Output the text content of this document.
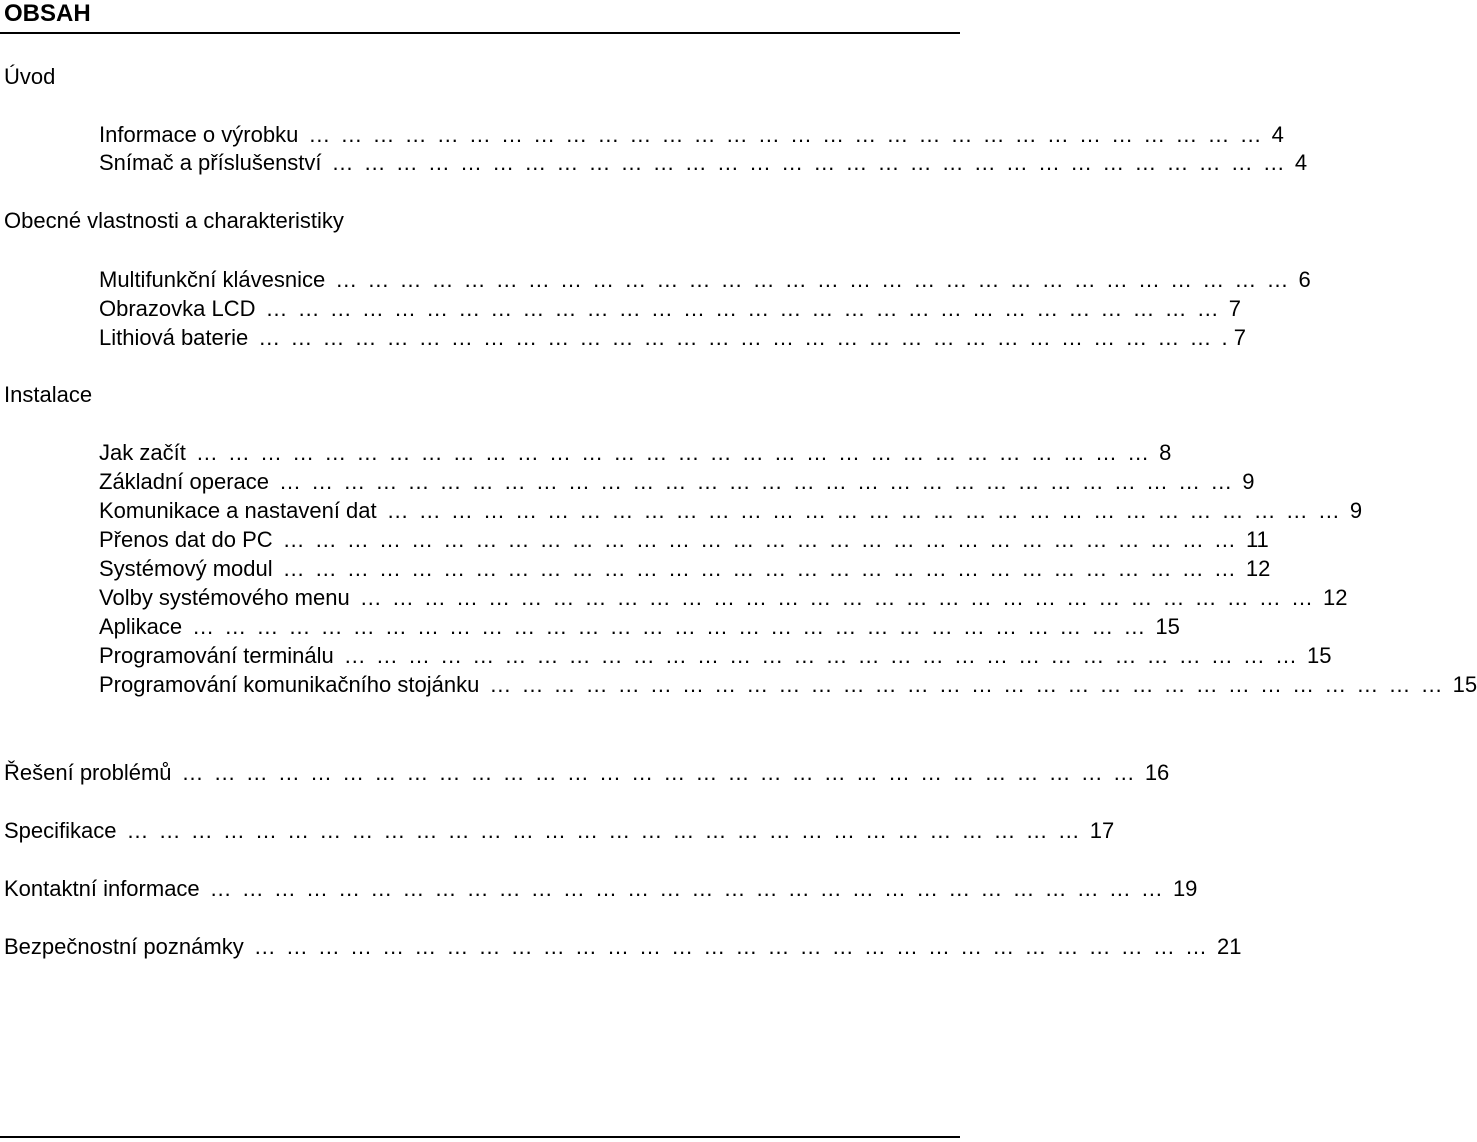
OBSAH
Úvod
Informace o výrobku … … … … … … … … … … … … … … … … … … … … … … … … … … … … … … 4
Snímač a příslušenství … … … … … … … … … … … … … … … … … … … … … … … … … … … … … … 4
Obecné vlastnosti a charakteristiky
Multifunkční klávesnice … … … … … … … … … … … … … … … … … … … … … … … … … … … … … … 6
Obrazovka LCD … … … … … … … … … … … … … … … … … … … … … … … … … … … … … … 7
Lithiová baterie … … … … … … … … … … … … … … … … … … … … … … … … … … … … … … . 7
Instalace
Jak začít … … … … … … … … … … … … … … … … … … … … … … … … … … … … … … 8
Základní operace … … … … … … … … … … … … … … … … … … … … … … … … … … … … … … 9
Komunikace a nastavení dat … … … … … … … … … … … … … … … … … … … … … … … … … … … … … … 9
Přenos dat do PC … … … … … … … … … … … … … … … … … … … … … … … … … … … … … … 11
Systémový modul … … … … … … … … … … … … … … … … … … … … … … … … … … … … … … 12
Volby systémového menu … … … … … … … … … … … … … … … … … … … … … … … … … … … … … … 12
Aplikace … … … … … … … … … … … … … … … … … … … … … … … … … … … … … … 15
Programování terminálu … … … … … … … … … … … … … … … … … … … … … … … … … … … … … … 15
Programování komunikačního stojánku … … … … … … … … … … … … … … … … … … … … … … … … … … … … … … 15
Řešení problémů … … … … … … … … … … … … … … … … … … … … … … … … … … … … … … 16
Specifikace … … … … … … … … … … … … … … … … … … … … … … … … … … … … … … 17
Kontaktní informace … … … … … … … … … … … … … … … … … … … … … … … … … … … … … … 19
Bezpečnostní poznámky … … … … … … … … … … … … … … … … … … … … … … … … … … … … … … 21
